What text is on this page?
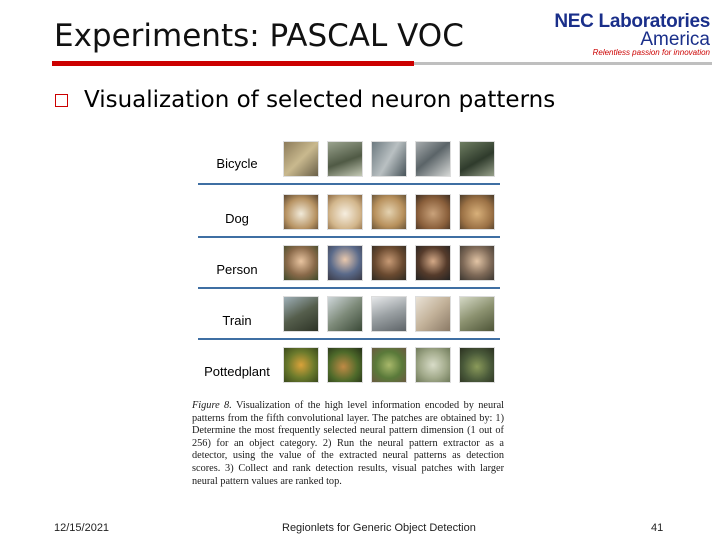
Experiments: PASCAL VOC	NEC Laboratories
America
Relentless passion for innovation
Visualization of selected neuron patterns
Bicycle
Dog
Person
Train
Pottedplant
Figure 8. Visualization of the high level information encoded by neural patterns from the fifth convolutional layer. The patches are obtained by: 1) Determine the most frequently selected neural pattern dimension (1 out of 256) for an object category. 2) Run the neural pattern extractor as a detector, using the value of the extracted neural patterns as detection scores. 3) Collect and rank detection results, visual patches with larger neural pattern values are ranked top.
12/15/2021	Regionlets for Generic Object Detection	41
